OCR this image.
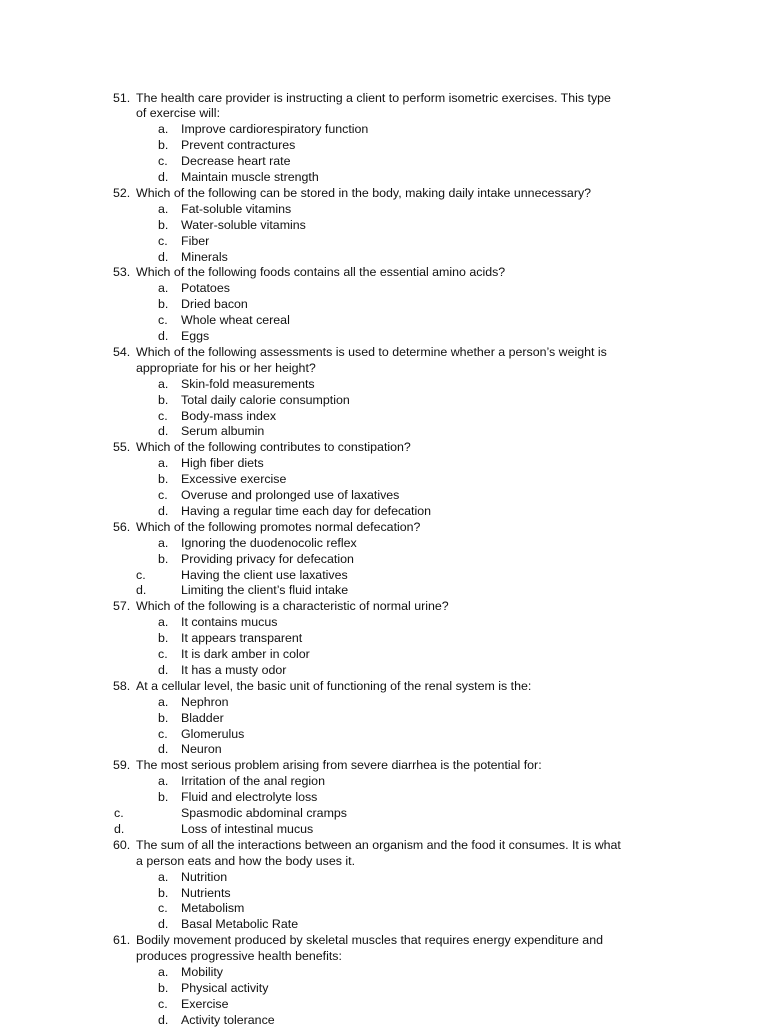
51. The health care provider is instructing a client to perform isometric exercises. This type
of exercise will:
a. Improve cardiorespiratory function
b. Prevent contractures
c. Decrease heart rate
d. Maintain muscle strength
52. Which of the following can be stored in the body, making daily intake unnecessary?
a. Fat-soluble vitamins
b. Water-soluble vitamins
c. Fiber
d. Minerals
53. Which of the following foods contains all the essential amino acids?
a. Potatoes
b. Dried bacon
c. Whole wheat cereal
d. Eggs
54. Which of the following assessments is used to determine whether a person’s weight is
appropriate for his or her height?
a. Skin-fold measurements
b. Total daily calorie consumption
c. Body-mass index
d. Serum albumin
55. Which of the following contributes to constipation?
a. High fiber diets
b. Excessive exercise
c. Overuse and prolonged use of laxatives
d. Having a regular time each day for defecation
56. Which of the following promotes normal defecation?
a. Ignoring the duodenocolic reflex
b. Providing privacy for defecation
c.	Having the client use laxatives
d.	Limiting the client’s fluid intake
57. Which of the following is a characteristic of normal urine?
a. It contains mucus
b. It appears transparent
c. It is dark amber in color
d. It has a musty odor
58. At a cellular level, the basic unit of functioning of the renal system is the:
a. Nephron
b. Bladder
c. Glomerulus
d. Neuron
59. The most serious problem arising from severe diarrhea is the potential for:
a. Irritation of the anal region
b. Fluid and electrolyte loss
c.	Spasmodic abdominal cramps
d.	Loss of intestinal mucus
60. The sum of all the interactions between an organism and the food it consumes. It is what
a person eats and how the body uses it.
a. Nutrition
b. Nutrients
c. Metabolism
d. Basal Metabolic Rate
61. Bodily movement produced by skeletal muscles that requires energy expenditure and
produces progressive health benefits:
a. Mobility
b. Physical activity
c. Exercise
d. Activity tolerance
